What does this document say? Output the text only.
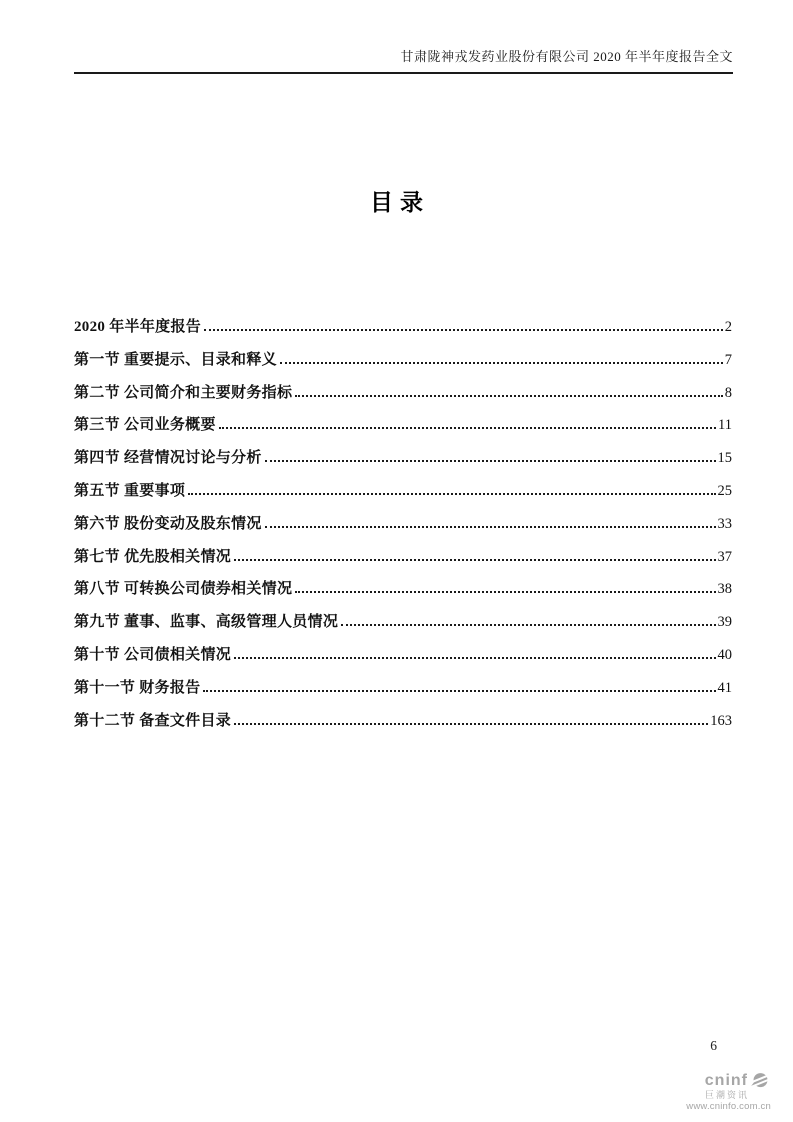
甘肃陇神戎发药业股份有限公司 2020 年半年度报告全文
目录
2020 年半年度报告	2
第一节 重要提示、目录和释义	7
第二节 公司简介和主要财务指标	8
第三节 公司业务概要	11
第四节 经营情况讨论与分析	15
第五节 重要事项	25
第六节 股份变动及股东情况	33
第七节 优先股相关情况	37
第八节 可转换公司债券相关情况	38
第九节 董事、监事、高级管理人员情况	39
第十节 公司债相关情况	40
第十一节 财务报告	41
第十二节 备查文件目录	163
6
cninf
巨潮资讯
www.cninfo.com.cn
